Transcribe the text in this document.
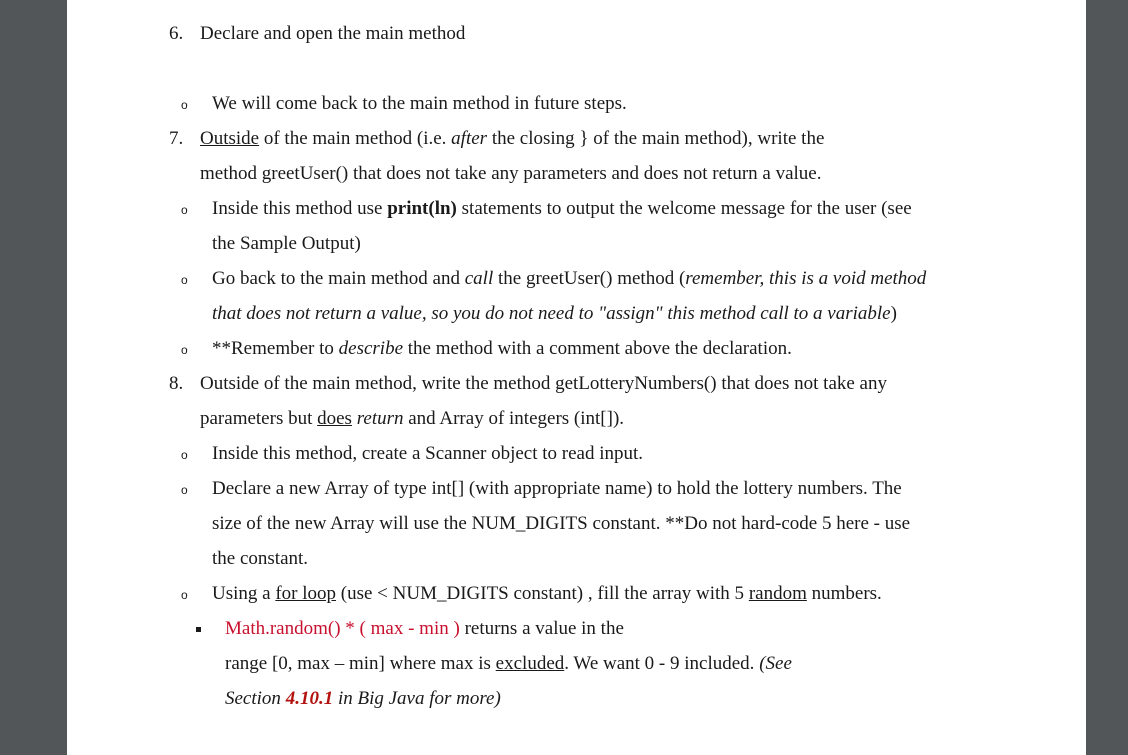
6. Declare and open the main method
o We will come back to the main method in future steps.
7. Outside of the main method (i.e. after the closing } of the main method), write the
method greetUser() that does not take any parameters and does not return a value.
o Inside this method use print(ln) statements to output the welcome message for the user (see
the Sample Output)
o Go back to the main method and call the greetUser() method (remember, this is a void method
that does not return a value, so you do not need to "assign" this method call to a variable)
o **Remember to describe the method with a comment above the declaration.
8. Outside of the main method, write the method getLotteryNumbers() that does not take any
parameters but does return and Array of integers (int[]).
o Inside this method, create a Scanner object to read input.
o Declare a new Array of type int[] (with appropriate name) to hold the lottery numbers. The
size of the new Array will use the NUM_DIGITS constant. **Do not hard-code 5 here - use
the constant.
o Using a for loop (use < NUM_DIGITS constant) , fill the array with 5 random numbers.
Math.random() * ( max - min ) returns a value in the
range [0, max – min] where max is excluded. We want 0 - 9 included. (See
Section 4.10.1 in Big Java for more)
